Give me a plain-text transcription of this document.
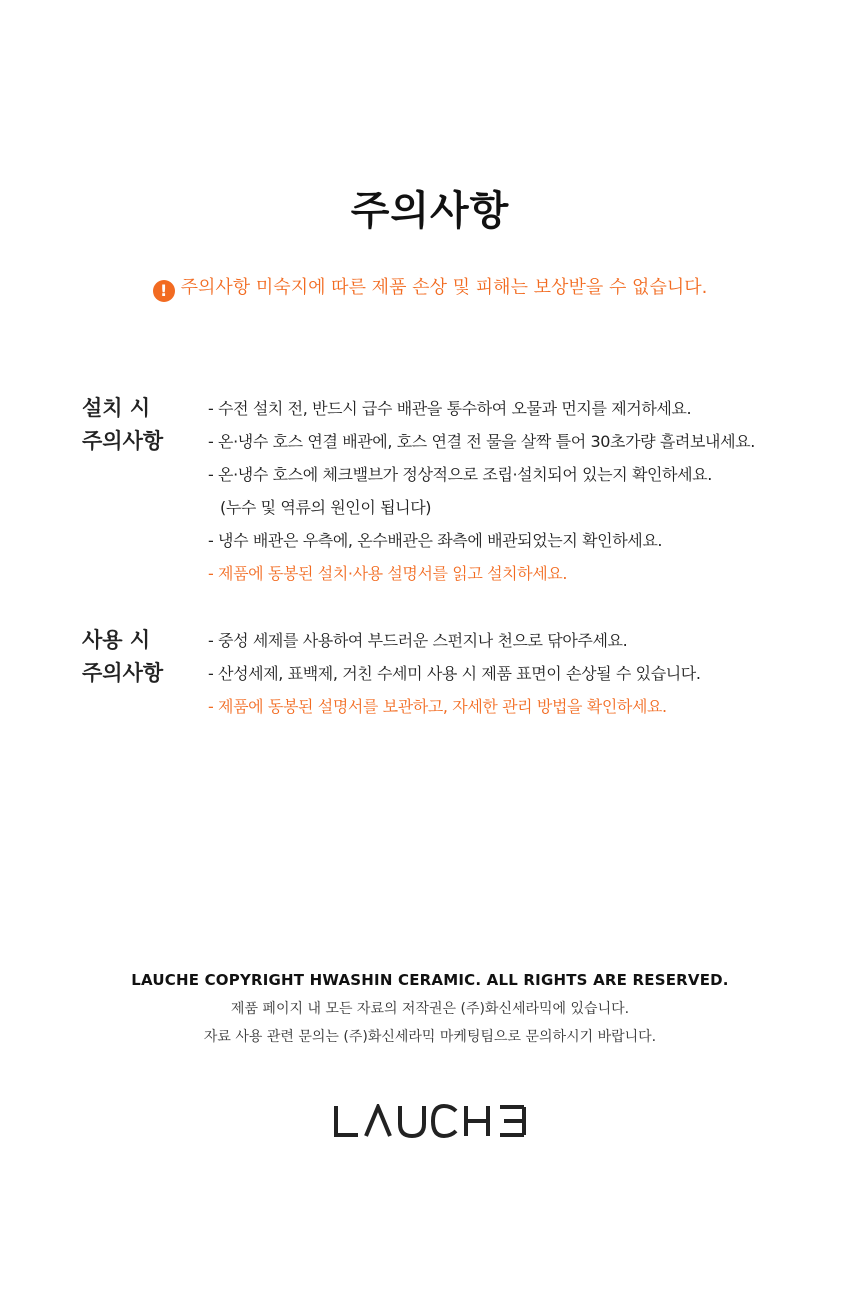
주의사항
! 주의사항 미숙지에 따른 제품 손상 및 피해는 보상받을 수 없습니다.
설치 시
주의사항
- 수전 설치 전, 반드시 급수 배관을 통수하여 오물과 먼지를 제거하세요.
- 온·냉수 호스 연결 배관에, 호스 연결 전 물을 살짝 틀어 30초가량 흘려보내세요.
- 온·냉수 호스에 체크밸브가 정상적으로 조립·설치되어 있는지 확인하세요.
(누수 및 역류의 원인이 됩니다)
- 냉수 배관은 우측에, 온수배관은 좌측에 배관되었는지 확인하세요.
- 제품에 동봉된 설치·사용 설명서를 읽고 설치하세요.
사용 시
주의사항
- 중성 세제를 사용하여 부드러운 스펀지나 천으로 닦아주세요.
- 산성세제, 표백제, 거친 수세미 사용 시 제품 표면이 손상될 수 있습니다.
- 제품에 동봉된 설명서를 보관하고, 자세한 관리 방법을 확인하세요.
LAUCHE COPYRIGHT HWASHIN CERAMIC. ALL RIGHTS ARE RESERVED.
제품 페이지 내 모든 자료의 저작권은 (주)화신세라믹에 있습니다.
자료 사용 관련 문의는 (주)화신세라믹 마케팅팀으로 문의하시기 바랍니다.
